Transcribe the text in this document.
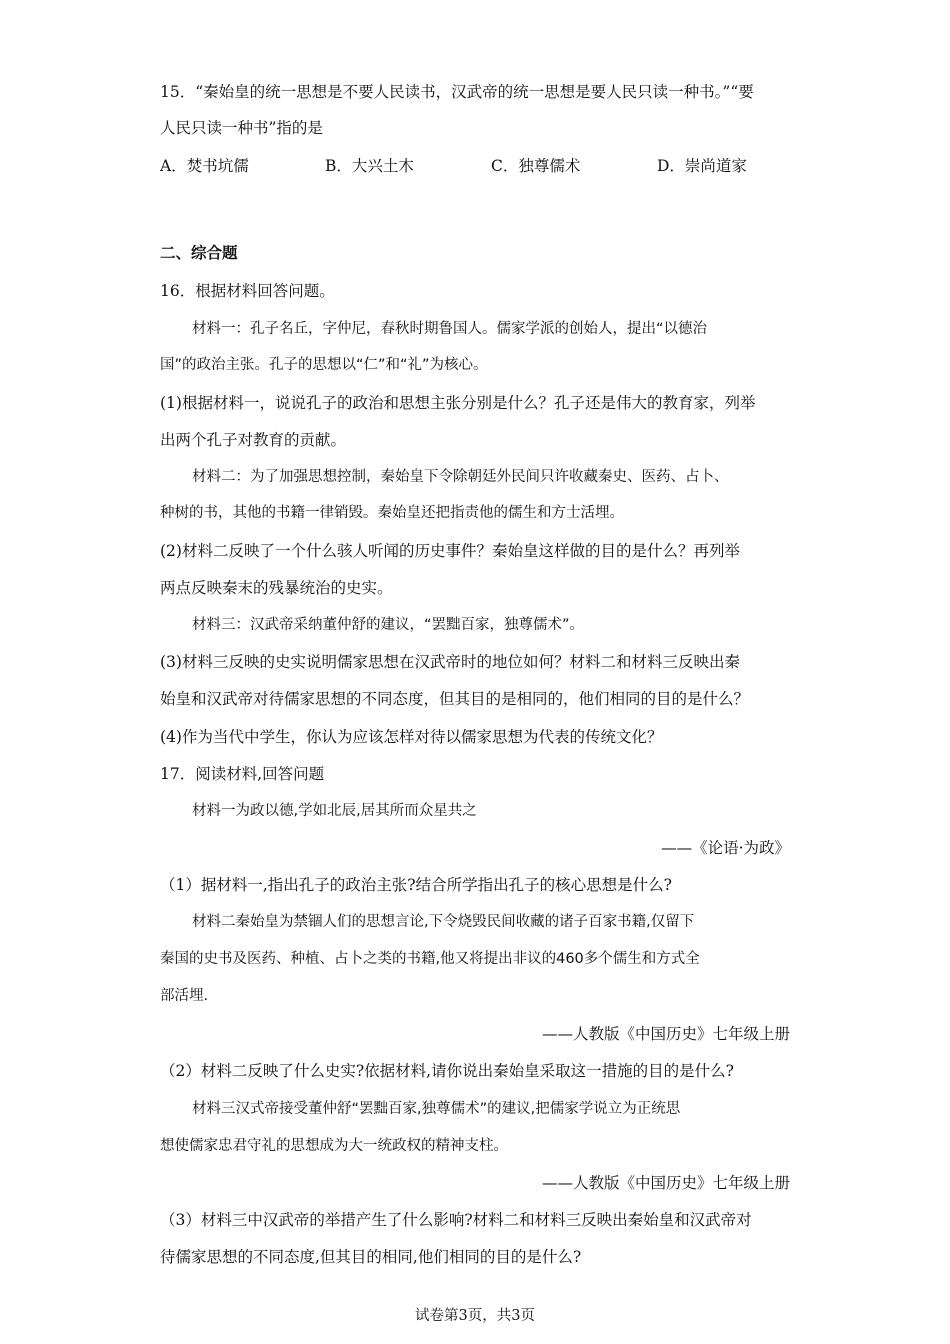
15．“秦始皇的统一思想是不要人民读书，汉武帝的统一思想是要人民只读一种书。”“要
人民只读一种书”指的是
A．焚书坑儒	B．大兴土木	C．独尊儒术	D．崇尚道家
二、综合题
16．根据材料回答问题。
材料一：孔子名丘，字仲尼，春秋时期鲁国人。儒家学派的创始人，提出“以德治
国”的政治主张。孔子的思想以“仁”和“礼”为核心。
(1)根据材料一，说说孔子的政治和思想主张分别是什么？孔子还是伟大的教育家，列举
出两个孔子对教育的贡献。
材料二：为了加强思想控制，秦始皇下令除朝廷外民间只许收藏秦史、医药、占卜、
种树的书，其他的书籍一律销毁。秦始皇还把指责他的儒生和方士活埋。
(2)材料二反映了一个什么骇人听闻的历史事件？秦始皇这样做的目的是什么？再列举
两点反映秦末的残暴统治的史实。
材料三：汉武帝采纳董仲舒的建议，“罢黜百家，独尊儒术”。
(3)材料三反映的史实说明儒家思想在汉武帝时的地位如何？材料二和材料三反映出秦
始皇和汉武帝对待儒家思想的不同态度，但其目的是相同的，他们相同的目的是什么？
(4)作为当代中学生，你认为应该怎样对待以儒家思想为代表的传统文化？
17．阅读材料,回答问题
材料一为政以德,学如北辰,居其所而众星共之
——《论语·为政》
（1）据材料一,指出孔子的政治主张?结合所学指出孔子的核心思想是什么?
材料二秦始皇为禁锢人们的思想言论,下令烧毁民间收藏的诸子百家书籍,仅留下
秦国的史书及医药、种植、占卜之类的书籍,他又将提出非议的460多个儒生和方式全
部活埋.
——人教版《中国历史》七年级上册
（2）材料二反映了什么史实?依据材料,请你说出秦始皇采取这一措施的目的是什么?
材料三汉式帝接受董仲舒“罢黜百家,独尊儒术”的建议,把儒家学说立为正统思
想使儒家忠君守礼的思想成为大一统政权的精神支柱。
——人教版《中国历史》七年级上册
（3）材料三中汉武帝的举措产生了什么影响?材料二和材料三反映出秦始皇和汉武帝对
待儒家思想的不同态度,但其目的相同,他们相同的目的是什么?
试卷第3页，共3页
